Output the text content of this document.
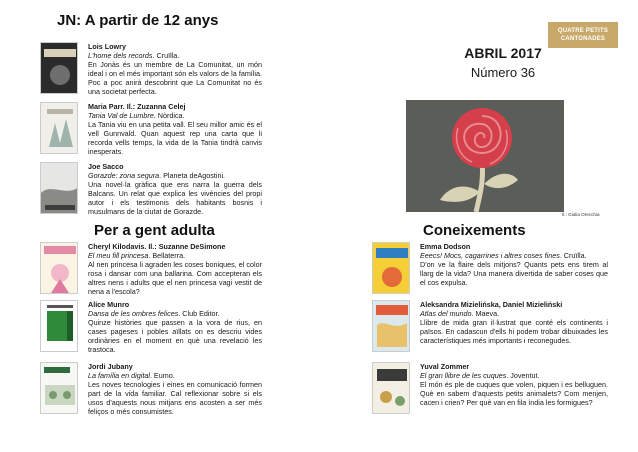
JN: A partir de 12 anys
Per a gent adulta	Coneixements
QUATRE PETITS
CANTONADES
ABRIL 2017
Número 36
Il.: Giulia Orecchia
Lois Lowry
L'home dels records. Cruïlla.
En Jonàs és un membre de La Comunitat, un món ideal i on el més important són els valors de la família. Poc a poc anirà descobrint que La Comunitat no és una societat perfecta.
Maria Parr. Il.: Zuzanna Celej
Tania Val de Lumbre. Nòrdica.
La Tania viu en una petita vall. El seu millor amic és el vell Gunnvald. Quan aquest rep una carta que li recorda vells temps, la vida de la Tania tindrà canvis inesperats.
Joe Sacco
Gorazde: zona segura. Planeta deAgostini.
Una novel·la gràfica que ens narra la guerra dels Balcans. Un relat que explica les vivències del propi autor i els testimonis dels habitants bosnis i musulmans de la ciutat de Gorazde.
Cheryl Kilodavis. Il.: Suzanne DeSimone
El meu fill princesa. Bellaterra.
Al nen princesa li agraden les coses boniques, el color rosa i dansar com una ballarina. Com accepteran els altres nens i adults que el nen princesa vagi vestit de nena a l'escola?
Alice Munro
Dansa de les ombres felices. Club Editor.
Quinze històries que passen a la vora de rius, en cases pageses i pobles aïllats on es descriu vides ordinàries en el moment en què una revelació les trastoca.
Jordi Jubany
La família en digital. Eumo.
Les noves tecnologies i eines en comunicació formen part de la vida familiar. Cal reflexionar sobre si els usos d'aquests nous mitjans ens acosten a ser més feliços o més consumistes.
Emma Dodson
Eeecs! Mocs, cagarrines i altres coses fines. Cruïlla.
D'on ve la flaire dels mitjons? Quants pets ens tirem al llarg de la vida? Una manera divertida de saber coses que el cos expulsa.
Aleksandra Mizielińska, Daniel Mizieliński
Atlas del mundo. Maeva.
Llibre de mida gran il·lustrat que conté els continents i països. En cadascun d'ells hi podem trobar dibuixades les característiques més importants i reconegudes.
Yuval Zommer
El gran llibre de les cuques. Joventut.
El món és ple de cuques que volen, piquen i es belluguen. Què en sabem d'aquests petits animalets? Com menjen, cacen i crien? Per què van en fila índia les formigues?
